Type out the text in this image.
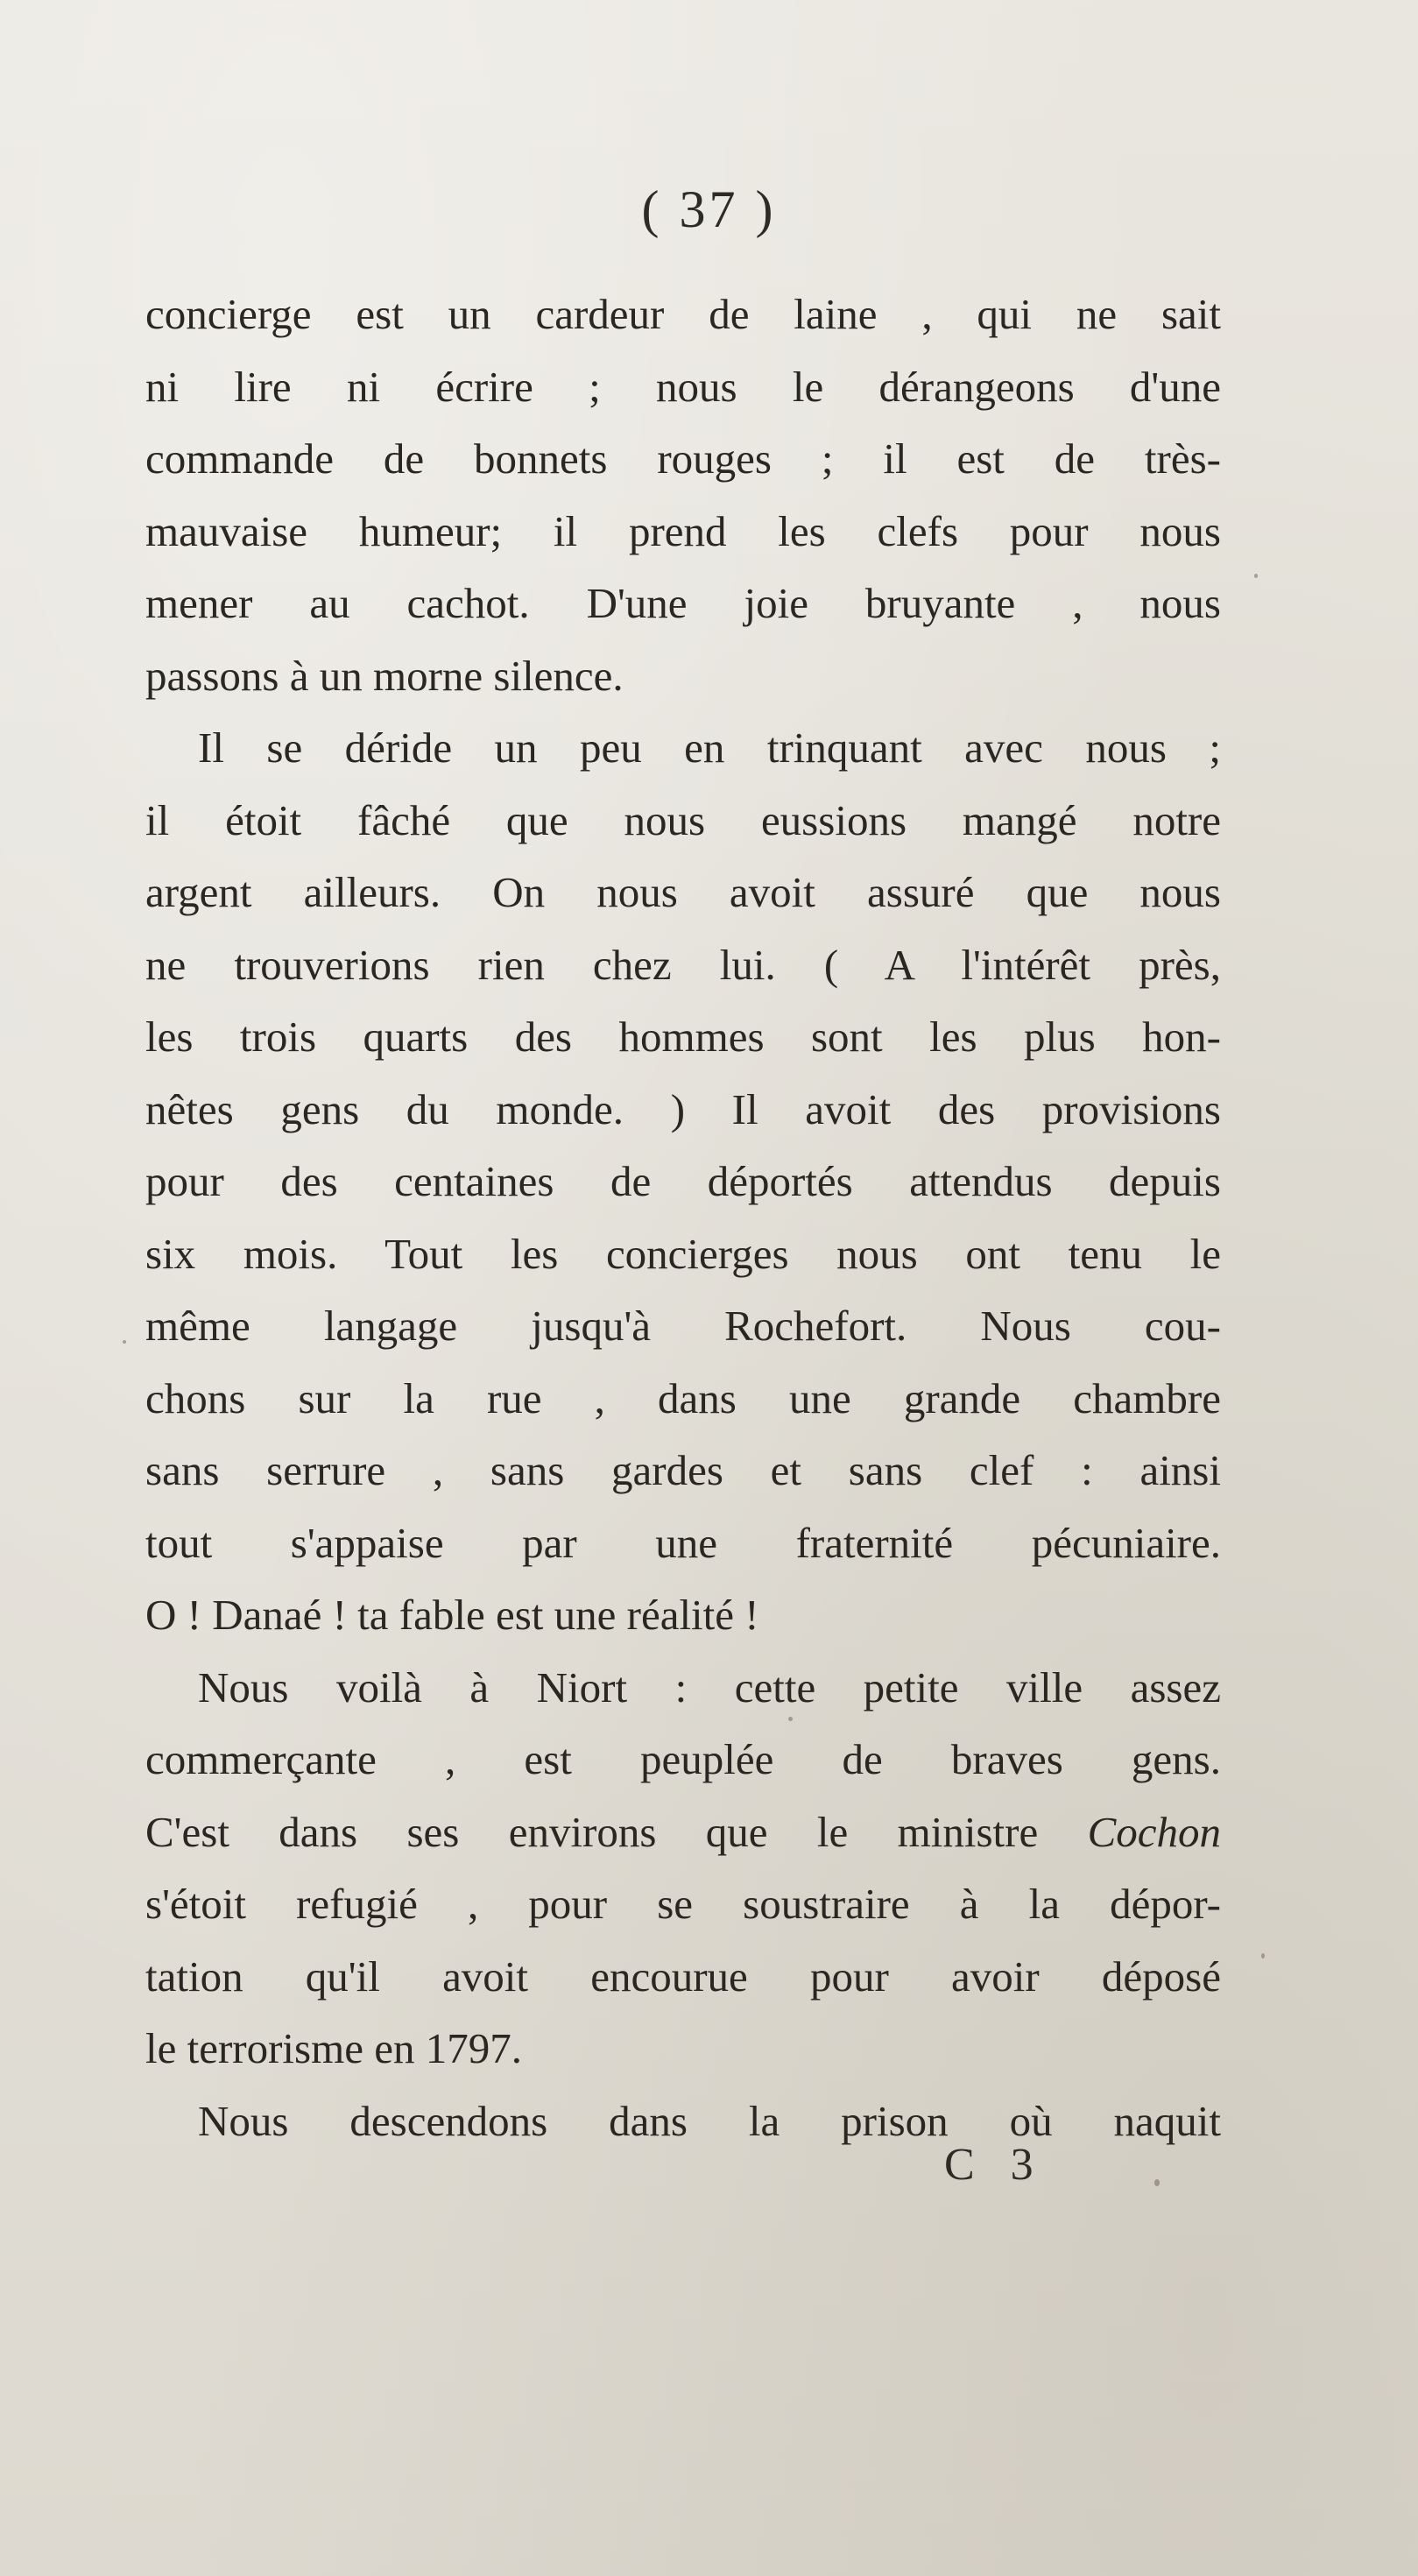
( 37 )

concierge est un cardeur de laine , qui ne sait

ni lire ni écrire ; nous le dérangeons d'une

commande de bonnets rouges ; il est de très-

mauvaise humeur; il prend les clefs pour nous

mener au cachot. D'une joie bruyante , nous

passons à un morne silence.

Il se déride un peu en trinquant avec nous ;

il étoit fâché que nous eussions mangé notre

argent ailleurs. On nous avoit assuré que nous

ne trouverions rien chez lui. ( A l'intérêt près,

les trois quarts des hommes sont les plus hon-

nêtes gens du monde. ) Il avoit des provisions

pour des centaines de déportés attendus depuis

six mois. Tout les concierges nous ont tenu le

même langage jusqu'à Rochefort. Nous cou-

chons sur la rue , dans une grande chambre

sans serrure , sans gardes et sans clef : ainsi

tout s'appaise par une fraternité pécuniaire.

O ! Danaé ! ta fable est une réalité !

Nous voilà à Niort : cette petite ville assez

commerçante , est peuplée de braves gens.

C'est dans ses environs que le ministre Cochon

s'étoit refugié , pour se soustraire à la dépor-

tation qu'il avoit encourue pour avoir déposé

le terrorisme en 1797.

Nous descendons dans la prison où naquit

C 3
